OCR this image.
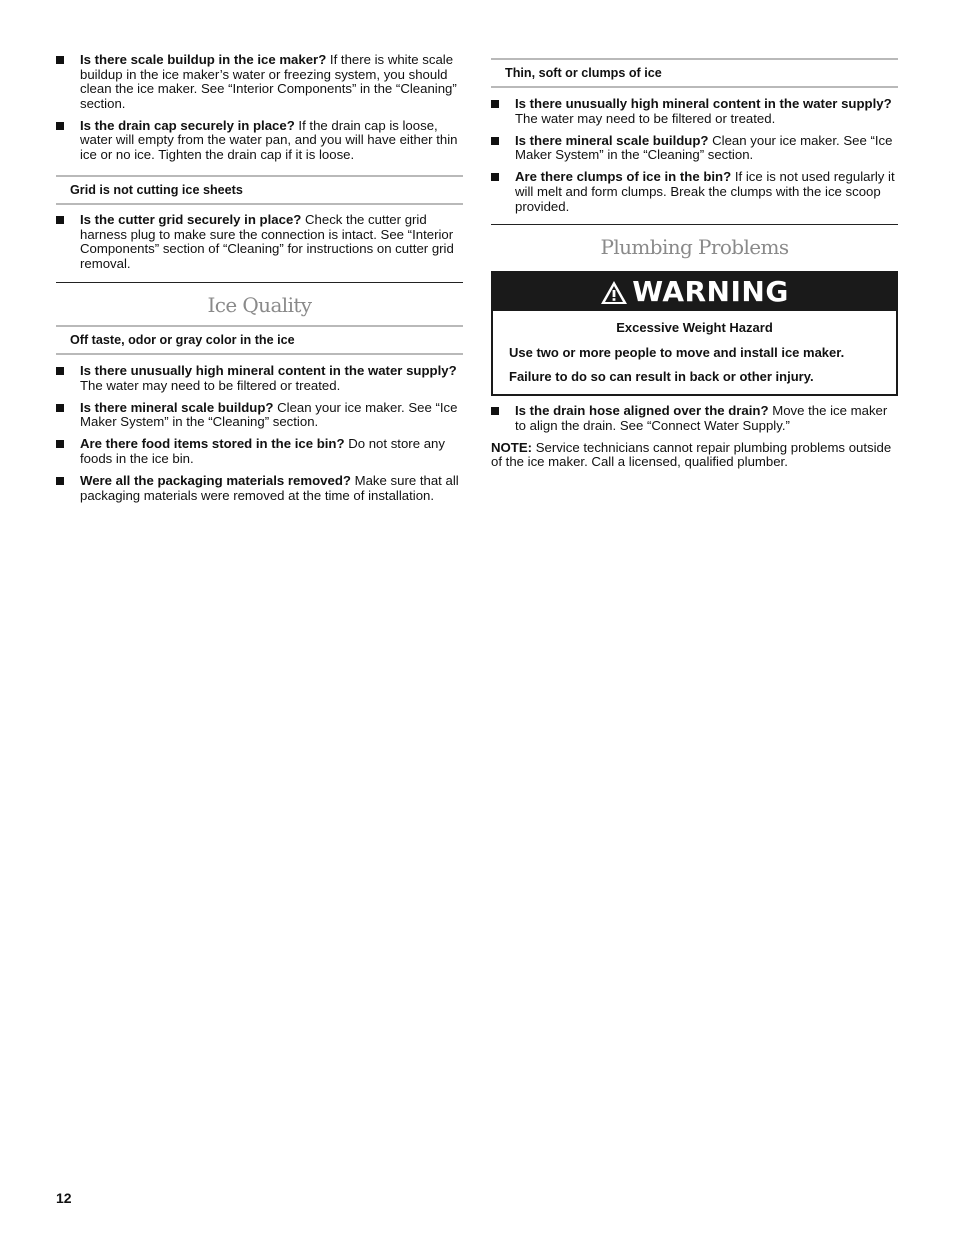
Is there scale buildup in the ice maker? If there is white scale buildup in the ice maker’s water or freezing system, you should clean the ice maker. See “Interior Components” in the “Cleaning” section.
Is the drain cap securely in place? If the drain cap is loose, water will empty from the water pan, and you will have either thin ice or no ice. Tighten the drain cap if it is loose.
Grid is not cutting ice sheets
Is the cutter grid securely in place? Check the cutter grid harness plug to make sure the connection is intact. See “Interior Components” section of “Cleaning” for instructions on cutter grid removal.
Ice Quality
Off taste, odor or gray color in the ice
Is there unusually high mineral content in the water supply? The water may need to be filtered or treated.
Is there mineral scale buildup? Clean your ice maker. See “Ice Maker System” in the “Cleaning” section.
Are there food items stored in the ice bin? Do not store any foods in the ice bin.
Were all the packaging materials removed? Make sure that all packaging materials were removed at the time of installation.
Thin, soft or clumps of ice
Is there unusually high mineral content in the water supply? The water may need to be filtered or treated.
Is there mineral scale buildup? Clean your ice maker. See “Ice Maker System” in the “Cleaning” section.
Are there clumps of ice in the bin? If ice is not used regularly it will melt and form clumps. Break the clumps with the ice scoop provided.
Plumbing Problems
WARNING
Excessive Weight Hazard

Use two or more people to move and install ice maker.

Failure to do so can result in back or other injury.

Is the drain hose aligned over the drain? Move the ice maker to align the drain. See “Connect Water Supply.”
NOTE: Service technicians cannot repair plumbing problems outside of the ice maker. Call a licensed, qualified plumber.
12
